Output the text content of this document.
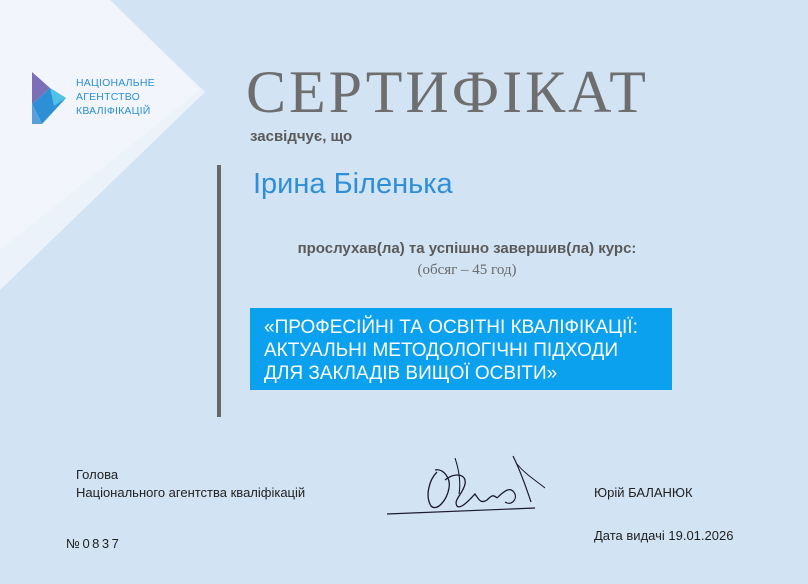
НАЦІОНАЛЬНЕ
АГЕНТСТВО
КВАЛІФІКАЦІЙ СЕРТИФІКАТ
засвідчує, що
Ірина Біленька
прослухав(ла) та успішно завершив(ла) курс:
(обсяг – 45 год)
«ПРОФЕСІЙНІ ТА ОСВІТНІ КВАЛІФІКАЦІЇ:
АКТУАЛЬНІ МЕТОДОЛОГІЧНІ ПІДХОДИ
ДЛЯ ЗАКЛАДІВ ВИЩОЇ ОСВІТИ»
Голова
Національного агентства кваліфікацій	Юрій БАЛАНЮК
Дата видачі 19.01.2026
№0837
